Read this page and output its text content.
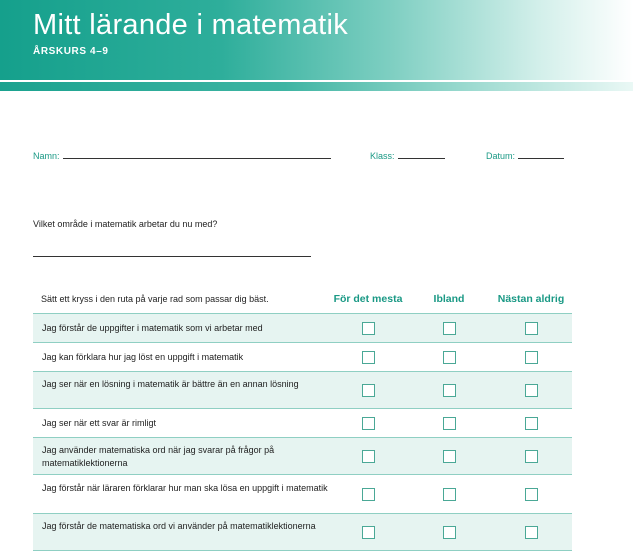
Mitt lärande i matematik
ÅRSKURS 4–9
Namn:	Klass:	Datum:
Vilket område i matematik arbetar du nu med?
Sätt ett kryss i den ruta på varje rad som passar dig bäst.	För det mesta	Ibland	Nästan aldrig
Jag förstår de uppgifter i matematik som vi arbetar med
Jag kan förklara hur jag löst en uppgift i matematik
Jag ser när en lösning i matematik är bättre än en annan lösning
Jag ser när ett svar är rimligt
Jag använder matematiska ord när jag svarar på frågor på matematiklektionerna
Jag förstår när läraren förklarar hur man ska lösa en uppgift i matematik
Jag förstår de matematiska ord vi använder på matematiklektionerna
